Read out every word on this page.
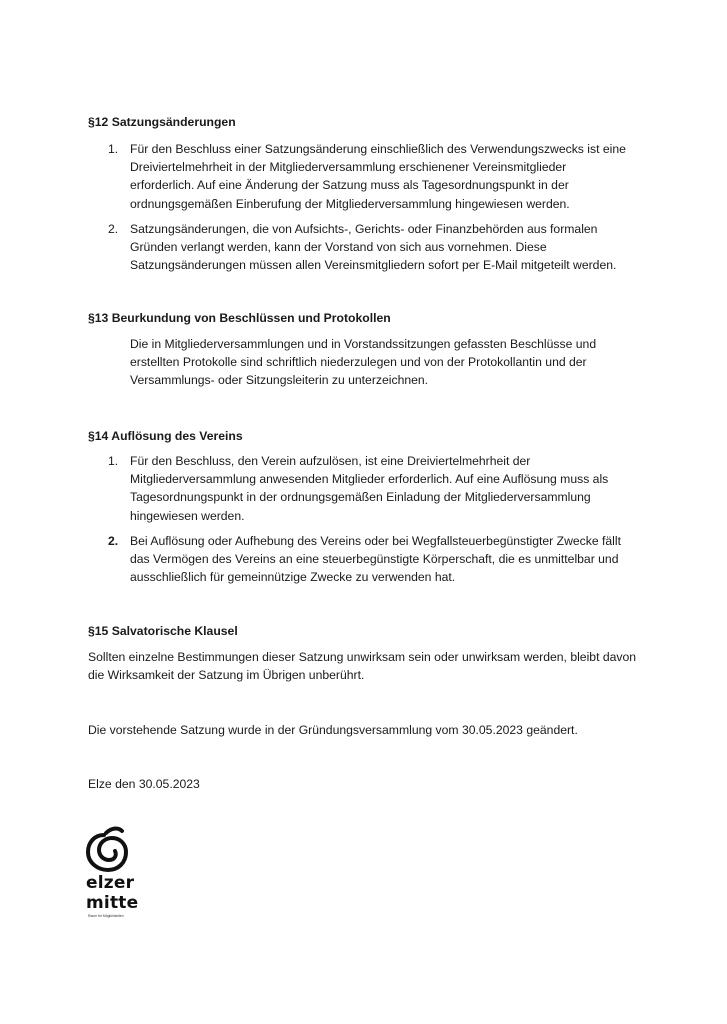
§12 Satzungsänderungen
1. Für den Beschluss einer Satzungsänderung einschließlich des Verwendungszwecks ist eine
Dreiviertelmehrheit in der Mitgliederversammlung erschienener Vereinsmitglieder
erforderlich. Auf eine Änderung der Satzung muss als Tagesordnungspunkt in der
ordnungsgemäßen Einberufung der Mitgliederversammlung hingewiesen werden.
2. Satzungsänderungen, die von Aufsichts-, Gerichts- oder Finanzbehörden aus formalen
Gründen verlangt werden, kann der Vorstand von sich aus vornehmen. Diese
Satzungsänderungen müssen allen Vereinsmitgliedern sofort per E-Mail mitgeteilt werden.
§13 Beurkundung von Beschlüssen und Protokollen
Die in Mitgliederversammlungen und in Vorstandssitzungen gefassten Beschlüsse und
erstellten Protokolle sind schriftlich niederzulegen und von der Protokollantin und der
Versammlungs- oder Sitzungsleiterin zu unterzeichnen.
§14 Auflösung des Vereins
1. Für den Beschluss, den Verein aufzulösen, ist eine Dreiviertelmehrheit der
Mitgliederversammlung anwesenden Mitglieder erforderlich. Auf eine Auflösung muss als
Tagesordnungspunkt in der ordnungsgemäßen Einladung der Mitgliederversammlung
hingewiesen werden.
2. Bei Auflösung oder Aufhebung des Vereins oder bei Wegfallsteuerbegünstigter Zwecke fällt
das Vermögen des Vereins an eine steuerbegünstigte Körperschaft, die es unmittelbar und
ausschließlich für gemeinnützige Zwecke zu verwenden hat.
§15 Salvatorische Klausel
Sollten einzelne Bestimmungen dieser Satzung unwirksam sein oder unwirksam werden, bleibt davon
die Wirksamkeit der Satzung im Übrigen unberührt.
Die vorstehende Satzung wurde in der Gründungsversammlung vom 30.05.2023 geändert.
Elze den 30.05.2023
elzer
mitte
Raum für Möglichkeiten
